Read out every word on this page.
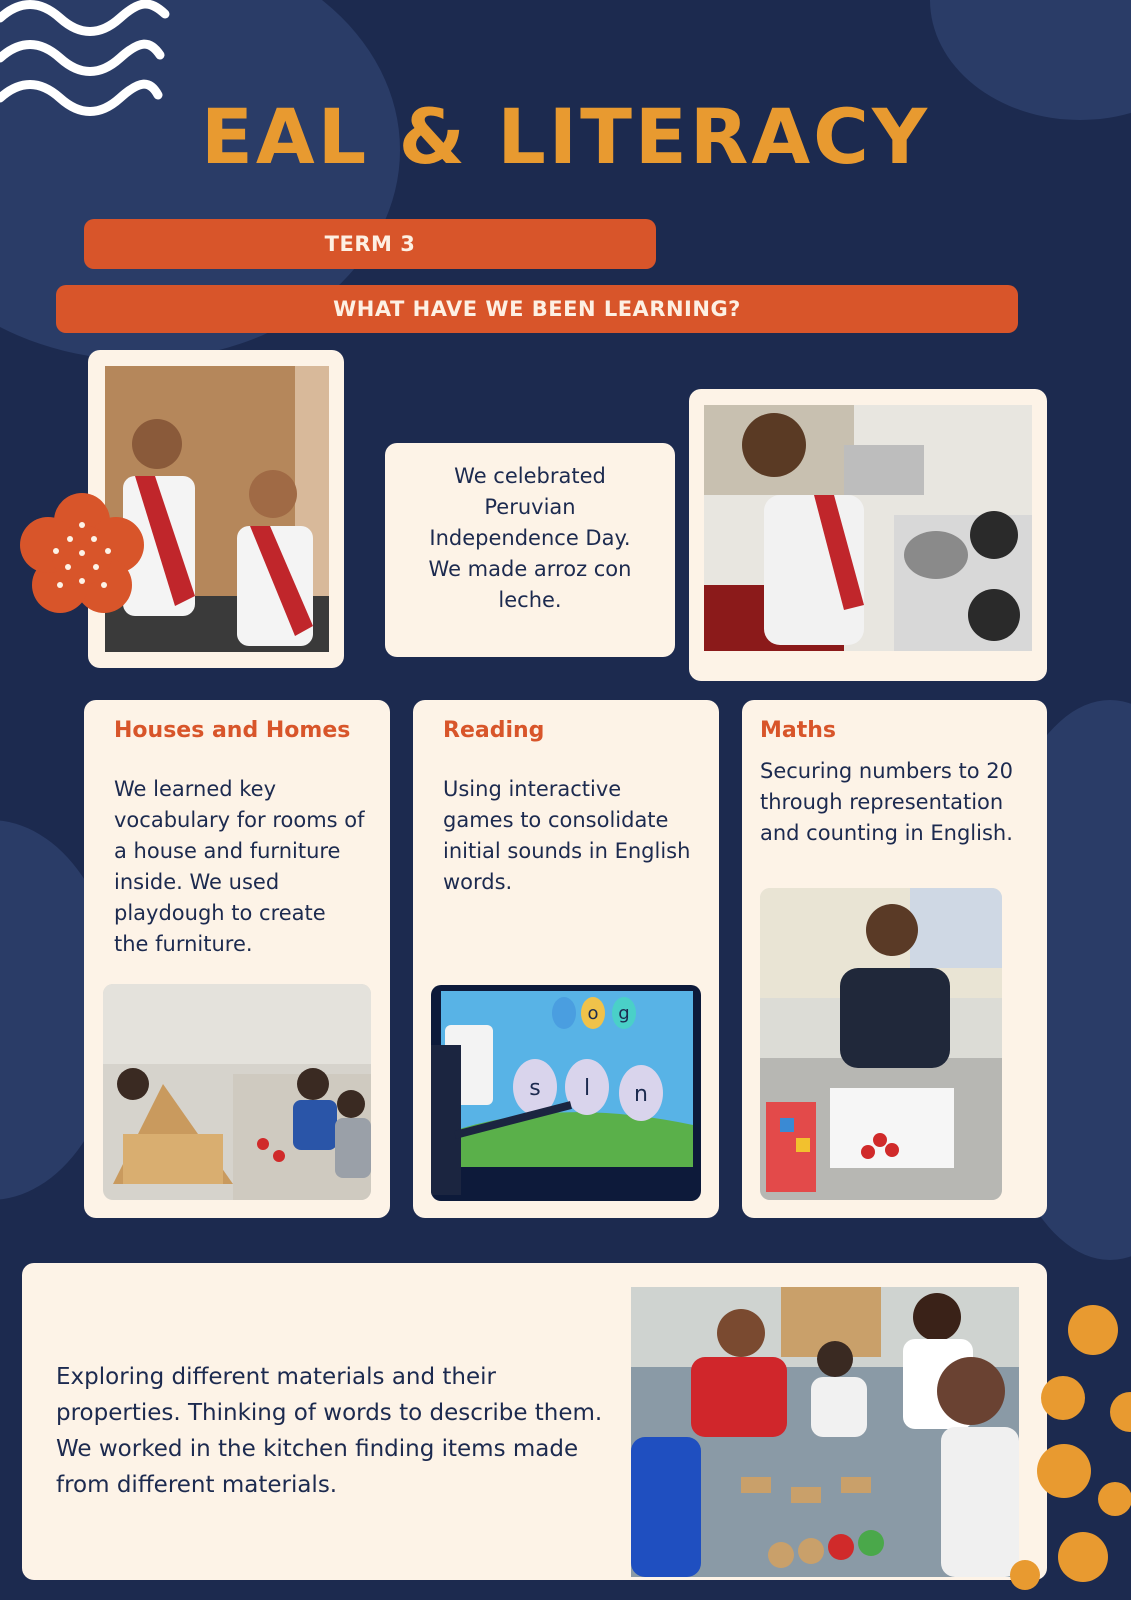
EAL & LITERACY
TERM 3
WHAT HAVE WE BEEN LEARNING?
We celebrated Peruvian Independence Day. We made arroz con leche.
Houses and Homes
We learned key vocabulary for rooms of a house and furniture inside. We used playdough to create the furniture.
Reading
Using interactive games to consolidate initial sounds in English words.
o g
s l n
Maths
Securing numbers to 20 through representation and counting in English.
Exploring different materials and their properties. Thinking of words to describe them. We worked in the kitchen finding items made from different materials.
